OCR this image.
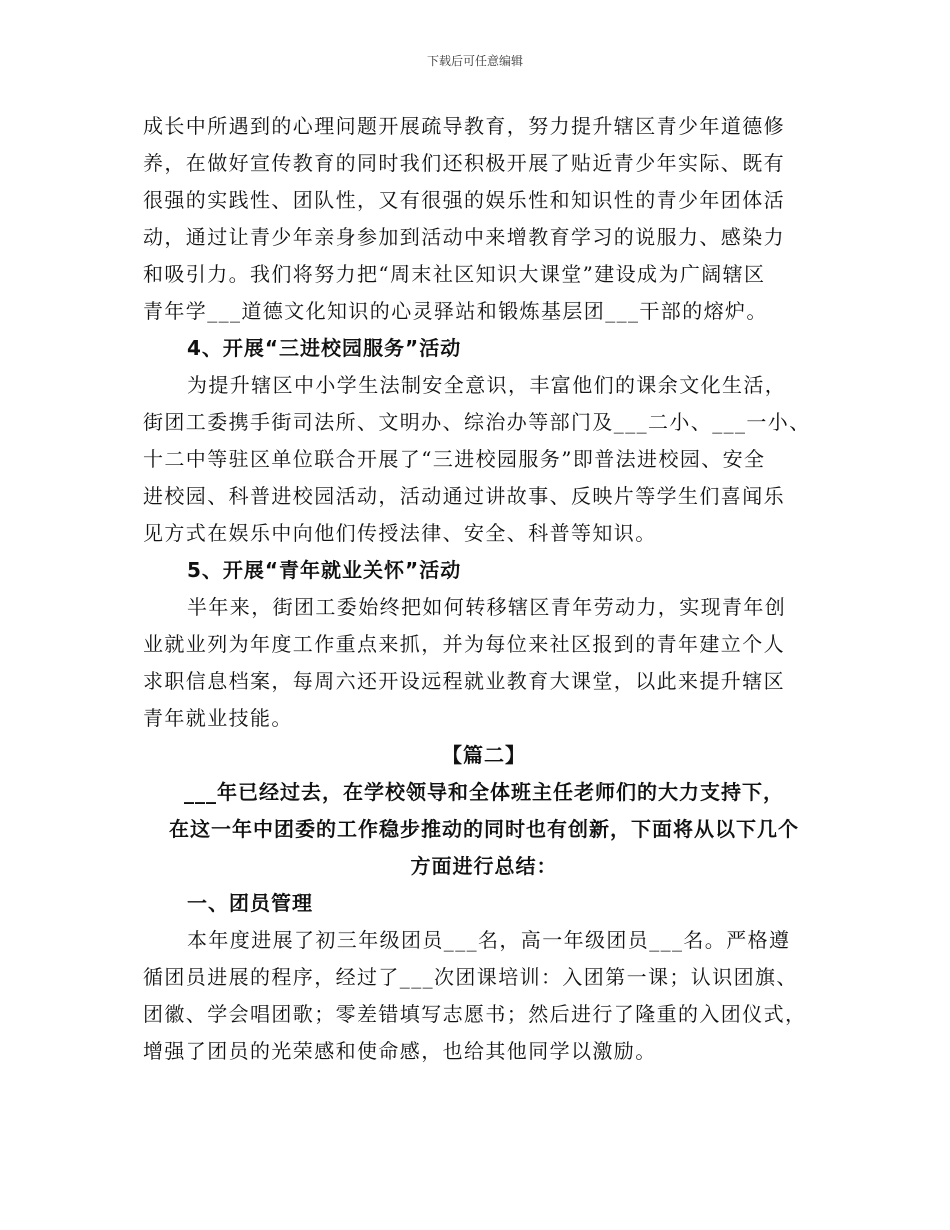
下载后可任意编辑

成长中所遇到的心理问题开展疏导教育，努力提升辖区青少年道德修

养，在做好宣传教育的同时我们还积极开展了贴近青少年实际、既有

很强的实践性、团队性，又有很强的娱乐性和知识性的青少年团体活

动，通过让青少年亲身参加到活动中来增教育学习的说服力、感染力

和吸引力。我们将努力把“周末社区知识大课堂”建设成为广阔辖区

青年学___道德文化知识的心灵驿站和锻炼基层团___干部的熔炉。

4、开展“三进校园服务”活动

为提升辖区中小学生法制安全意识，丰富他们的课余文化生活，

街团工委携手街司法所、文明办、综治办等部门及___二小、___一小、

十二中等驻区单位联合开展了“三进校园服务”即普法进校园、安全

进校园、科普进校园活动，活动通过讲故事、反映片等学生们喜闻乐

见方式在娱乐中向他们传授法律、安全、科普等知识。

5、开展“青年就业关怀”活动

半年来，街团工委始终把如何转移辖区青年劳动力，实现青年创

业就业列为年度工作重点来抓，并为每位来社区报到的青年建立个人

求职信息档案，每周六还开设远程就业教育大课堂，以此来提升辖区

青年就业技能。

【篇二】

___年已经过去，在学校领导和全体班主任老师们的大力支持下，

在这一年中团委的工作稳步推动的同时也有创新，下面将从以下几个

方面进行总结：

一、团员管理

本年度进展了初三年级团员___名，高一年级团员___名。严格遵

循团员进展的程序，经过了___次团课培训：入团第一课；认识团旗、

团徽、学会唱团歌；零差错填写志愿书；然后进行了隆重的入团仪式，

增强了团员的光荣感和使命感，也给其他同学以激励。
